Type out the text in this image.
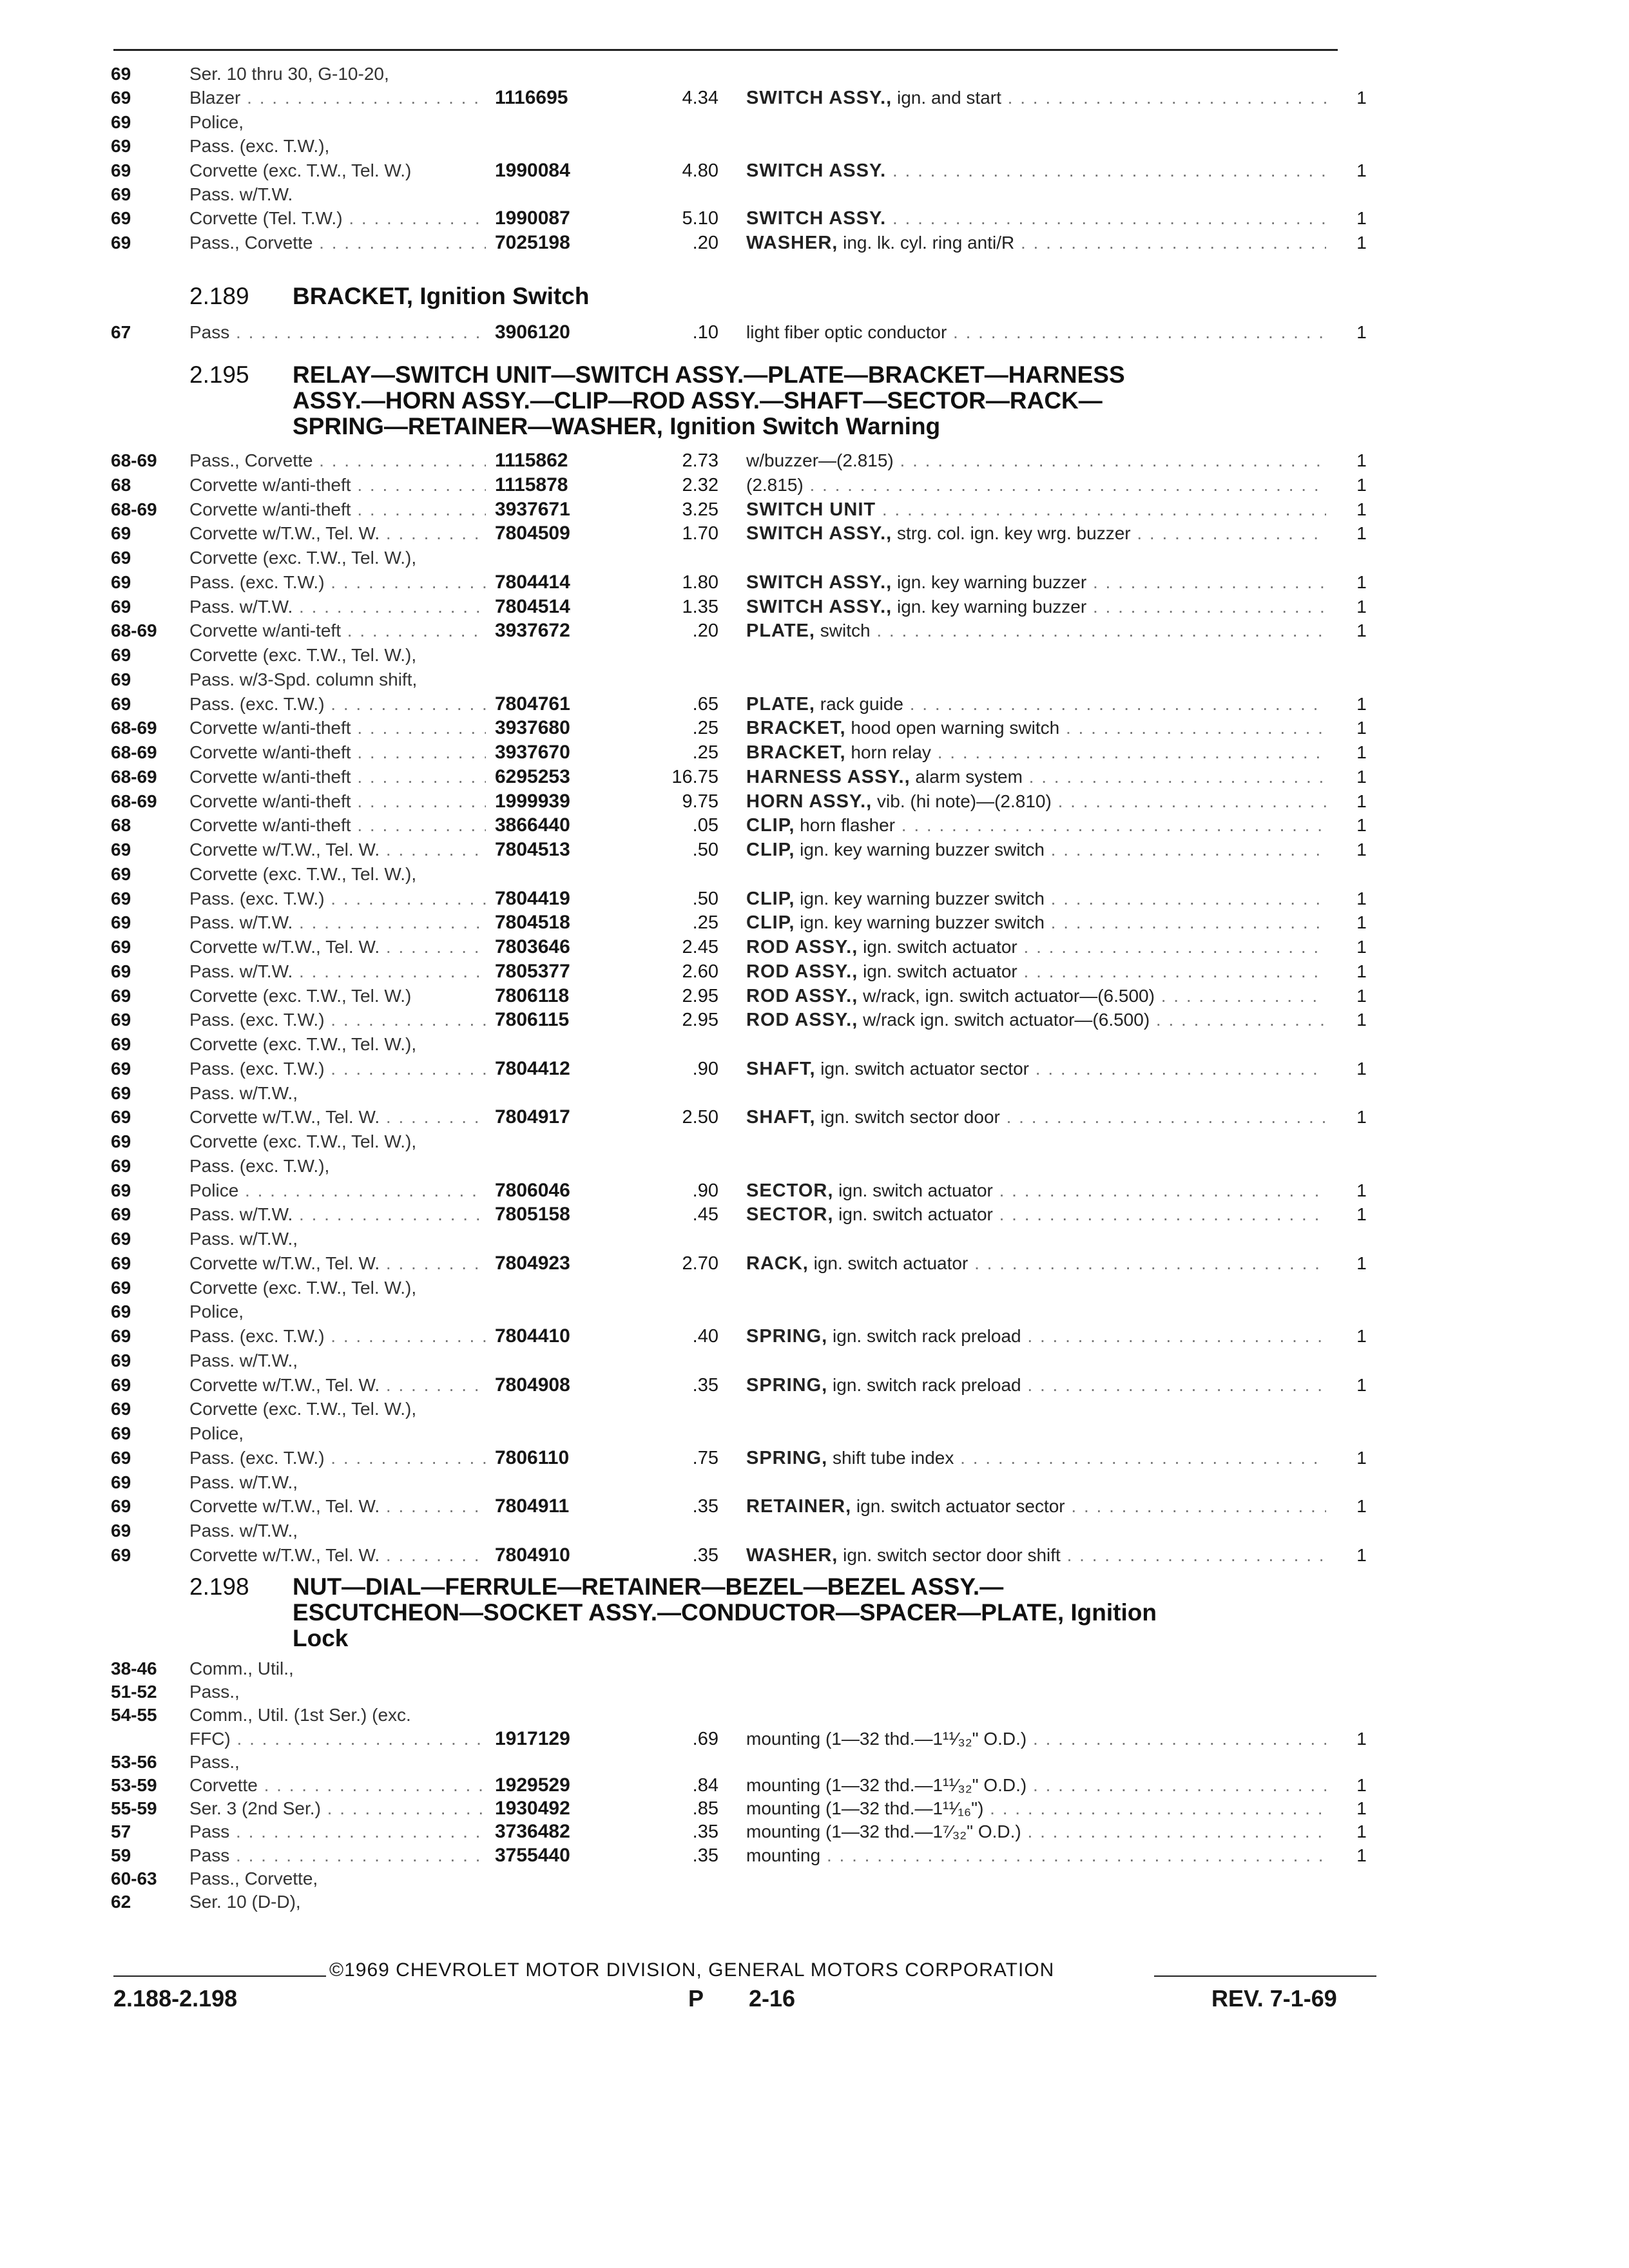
69	Ser. 10 thru 30, G-10-20,
69	Blazer . . .	1116695	4.34 SWITCH ASSY., ign. and start . . .	1
69	Police,
69	Pass. (exc. T.W.),
69	Corvette (exc. T.W., Tel. W.)	1990084	4.80 SWITCH ASSY. . . .	1
69	Pass. w/T.W.
69	Corvette (Tel. T.W.) . . .	1990087	5.10 SWITCH ASSY. . . .	1
69	Pass., Corvette . . .	7025198	.20 WASHER, ing. lk. cyl. ring anti/R . . .	1
2.189 BRACKET, Ignition Switch
67	Pass . . .	3906120	.10 light fiber optic conductor . . .	1
2.195 RELAY—SWITCH UNIT—SWITCH ASSY.—PLATE—BRACKET—HARNESS
ASSY.—HORN ASSY.—CLIP—ROD ASSY.—SHAFT—SECTOR—RACK—
SPRING—RETAINER—WASHER, Ignition Switch Warning
68-69	Pass., Corvette . . .	1115862	2.73 w/buzzer—(2.815) . . .	1
68	Corvette w/anti-theft . . .	1115878	2.32 (2.815) . . .	1
68-69	Corvette w/anti-theft . . .	3937671	3.25 SWITCH UNIT . . .	1
69	Corvette w/T.W., Tel. W. . . .	7804509	1.70 SWITCH ASSY., strg. col. ign. key wrg. buzzer . . .	1
69	Corvette (exc. T.W., Tel. W.),
69	Pass. (exc. T.W.) . . .	7804414	1.80 SWITCH ASSY., ign. key warning buzzer . . .	1
69	Pass. w/T.W. . . .	7804514	1.35 SWITCH ASSY., ign. key warning buzzer . . .	1
68-69	Corvette w/anti-teft . . .	3937672	.20 PLATE, switch . . .	1
69	Corvette (exc. T.W., Tel. W.),
69	Pass. w/3-Spd. column shift,
69	Pass. (exc. T.W.) . . .	7804761	.65 PLATE, rack guide . . .	1
68-69	Corvette w/anti-theft . . .	3937680	.25 BRACKET, hood open warning switch . . .	1
68-69	Corvette w/anti-theft . . .	3937670	.25 BRACKET, horn relay . . .	1
68-69	Corvette w/anti-theft . . .	6295253	16.75 HARNESS ASSY., alarm system . . .	1
68-69	Corvette w/anti-theft . . .	1999939	9.75 HORN ASSY., vib. (hi note)—(2.810) . . .	1
68	Corvette w/anti-theft . . .	3866440	.05 CLIP, horn flasher . . .	1
69	Corvette w/T.W., Tel. W. . . .	7804513	.50 CLIP, ign. key warning buzzer switch . . .	1
69	Corvette (exc. T.W., Tel. W.),
69	Pass. (exc. T.W.) . . .	7804419	.50 CLIP, ign. key warning buzzer switch . . .	1
69	Pass. w/T.W. . . .	7804518	.25 CLIP, ign. key warning buzzer switch . . .	1
69	Corvette w/T.W., Tel. W. . . .	7803646	2.45 ROD ASSY., ign. switch actuator . . .	1
69	Pass. w/T.W. . . .	7805377	2.60 ROD ASSY., ign. switch actuator . . .	1
69	Corvette (exc. T.W., Tel. W.)	7806118	2.95 ROD ASSY., w/rack, ign. switch actuator—(6.500) . . .	1
69	Pass. (exc. T.W.) . . .	7806115	2.95 ROD ASSY., w/rack ign. switch actuator—(6.500) . . .	1
69	Corvette (exc. T.W., Tel. W.),
69	Pass. (exc. T.W.) . . .	7804412	.90 SHAFT, ign. switch actuator sector . . .	1
69	Pass. w/T.W.,
69	Corvette w/T.W., Tel. W. . . .	7804917	2.50 SHAFT, ign. switch sector door . . .	1
69	Corvette (exc. T.W., Tel. W.),
69	Pass. (exc. T.W.),
69	Police . . .	7806046	.90 SECTOR, ign. switch actuator . . .	1
69	Pass. w/T.W. . . .	7805158	.45 SECTOR, ign. switch actuator . . .	1
69	Pass. w/T.W.,
69	Corvette w/T.W., Tel. W. . . .	7804923	2.70 RACK, ign. switch actuator . . .	1
69	Corvette (exc. T.W., Tel. W.),
69	Police,
69	Pass. (exc. T.W.) . . .	7804410	.40 SPRING, ign. switch rack preload . . .	1
69	Pass. w/T.W.,
69	Corvette w/T.W., Tel. W. . . .	7804908	.35 SPRING, ign. switch rack preload . . .	1
69	Corvette (exc. T.W., Tel. W.),
69	Police,
69	Pass. (exc. T.W.) . . .	7806110	.75 SPRING, shift tube index . . .	1
69	Pass. w/T.W.,
69	Corvette w/T.W., Tel. W. . . .	7804911	.35 RETAINER, ign. switch actuator sector . . .	1
69	Pass. w/T.W.,
69	Corvette w/T.W., Tel. W. . . .	7804910	.35 WASHER, ign. switch sector door shift . . .	1
2.198 NUT—DIAL—FERRULE—RETAINER—BEZEL—BEZEL ASSY.—
ESCUTCHEON—SOCKET ASSY.—CONDUCTOR—SPACER—PLATE, Ignition
Lock
38-46	Comm., Util.,
51-52	Pass.,
54-55	Comm., Util. (1st Ser.) (exc.
FFC) . . .	1917129	.69 mounting (1—32 thd.—1¹¹⁄₃₂" O.D.) . . .	1
53-56	Pass.,
53-59	Corvette . . .	1929529	.84 mounting (1—32 thd.—1¹¹⁄₃₂" O.D.) . . .	1
55-59	Ser. 3 (2nd Ser.) . . .	1930492	.85 mounting (1—32 thd.—1¹¹⁄₁₆") . . .	1
57	Pass . . .	3736482	.35 mounting (1—32 thd.—1⁷⁄₃₂" O.D.) . . .	1
59	Pass . . .	3755440	.35 mounting . . .	1
60-63	Pass., Corvette,
62	Ser. 10 (D-D),
©1969 CHEVROLET MOTOR DIVISION, GENERAL MOTORS CORPORATION
2.188-2.198	P 2-16	REV. 7-1-69
